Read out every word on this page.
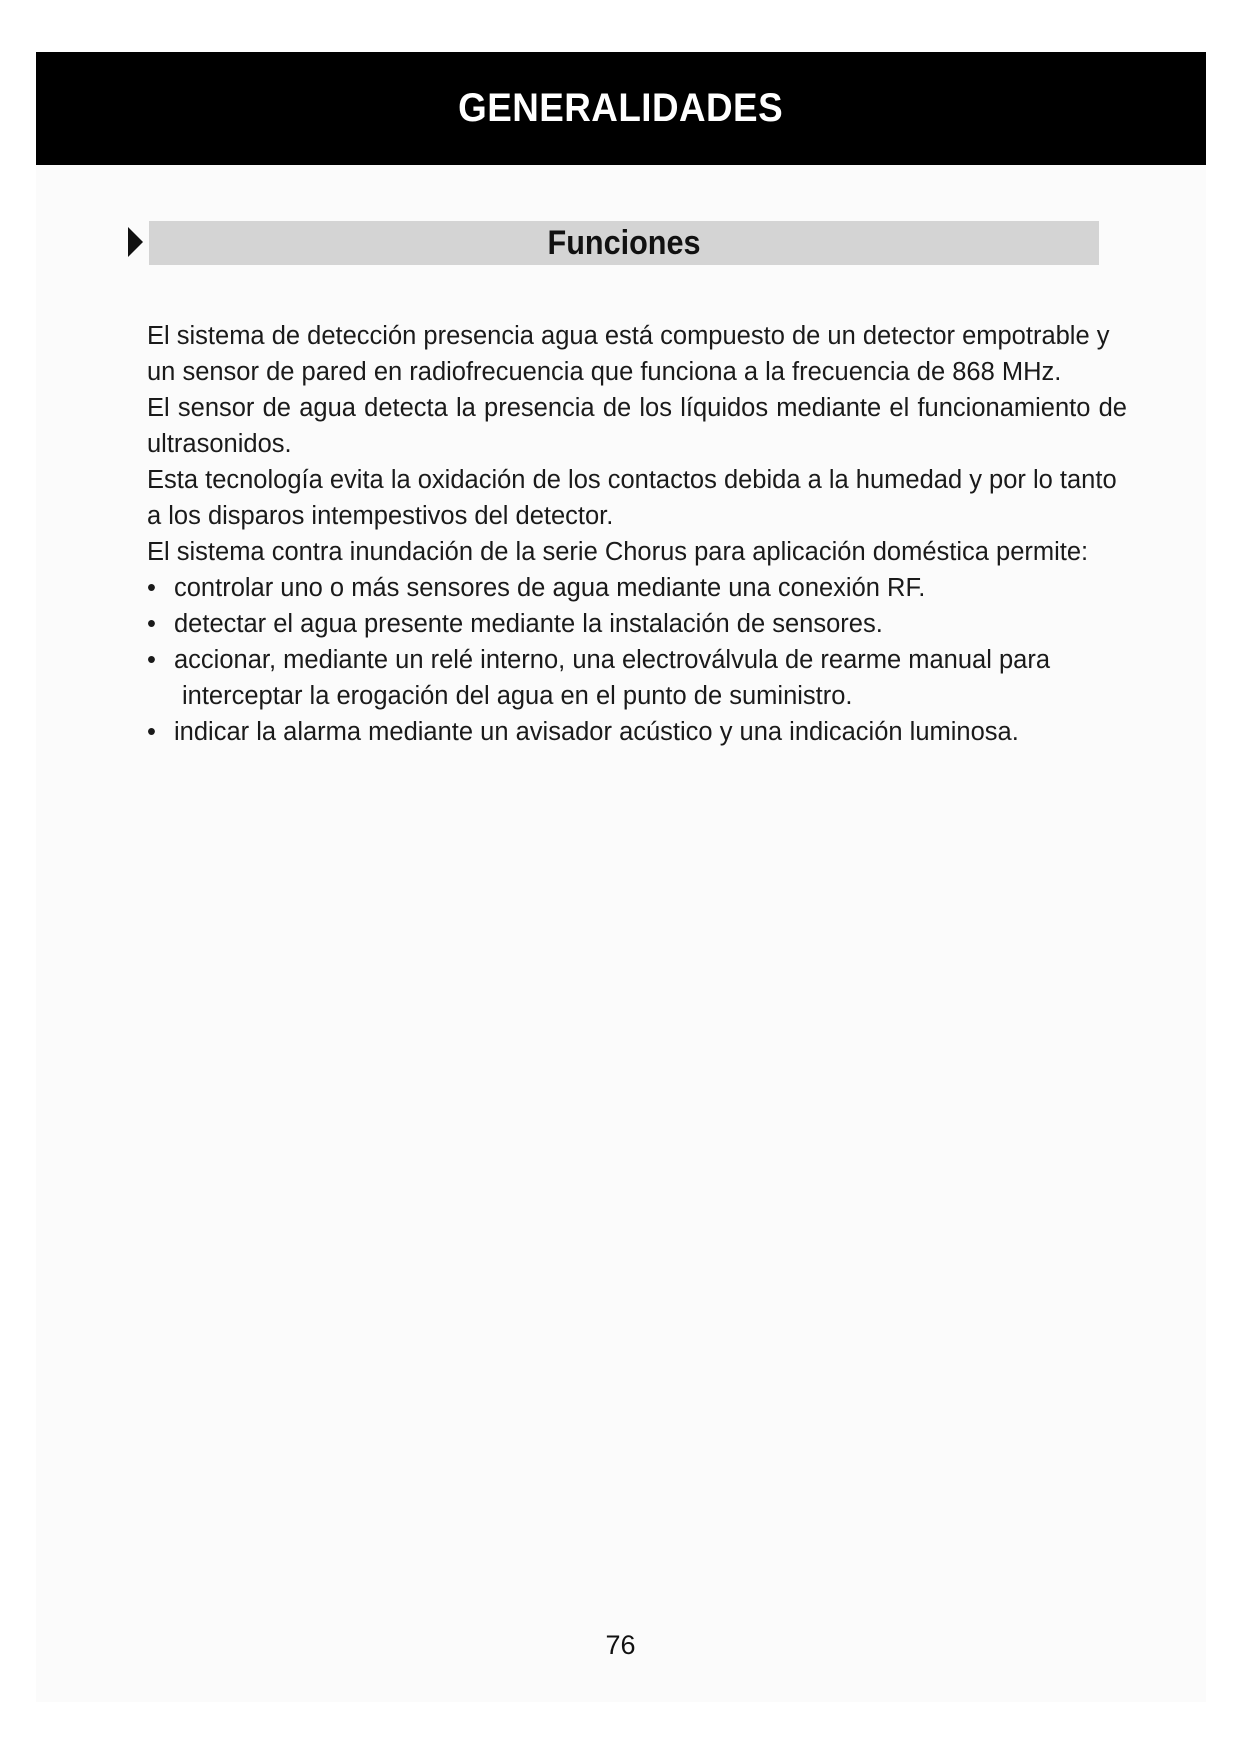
GENERALIDADES
Funciones

El sistema de detección presencia agua está compuesto de un detector empotrable y un sensor de pared en radiofrecuencia que funciona a la frecuencia de 868 MHz.

El sensor de agua detecta la presencia de los líquidos mediante el funcionamiento de ultrasonidos.

Esta tecnología evita la oxidación de los contactos debida a la humedad y por lo tanto a los disparos intempestivos del detector.

El sistema contra inundación de la serie Chorus para aplicación doméstica permite:

• controlar uno o más sensores de agua mediante una conexión RF.
• detectar el agua presente mediante la instalación de sensores.
• accionar, mediante un relé interno, una electroválvula de rearme manual para
interceptar la erogación del agua en el punto de suministro.
• indicar la alarma mediante un avisador acústico y una indicación luminosa.
76
